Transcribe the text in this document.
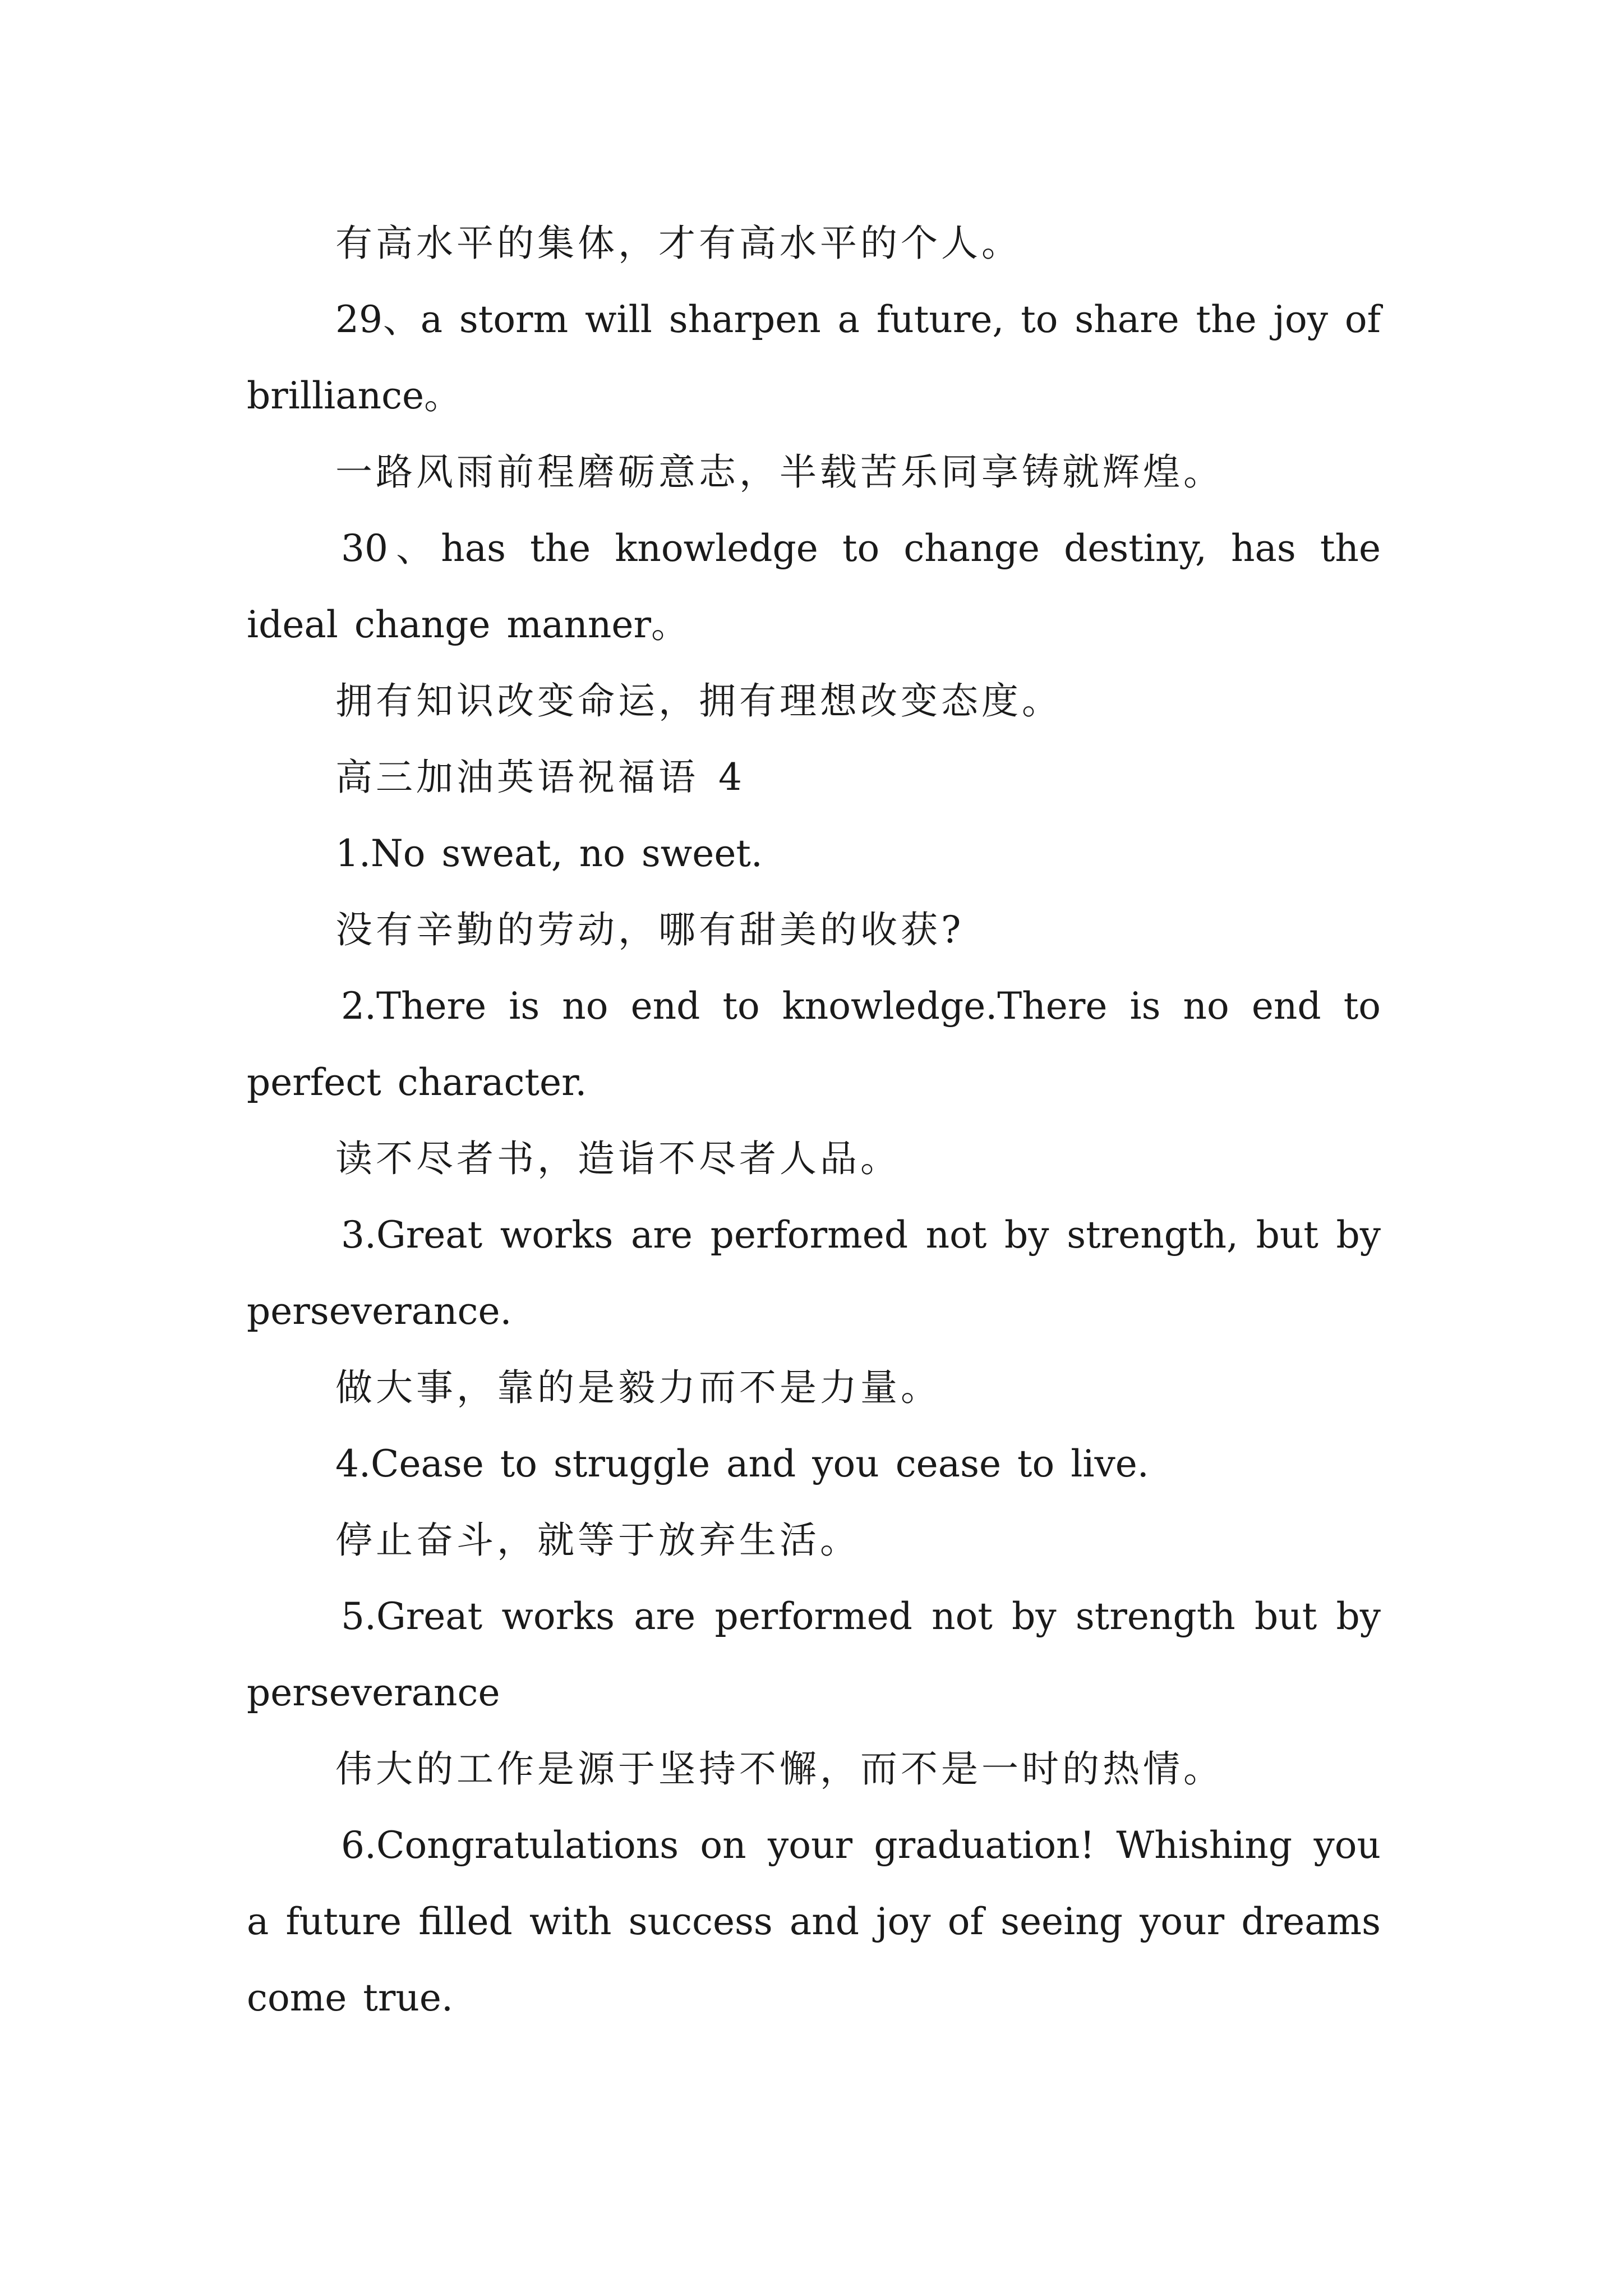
有高水平的集体，才有高水平的个人。

29、a storm will sharpen a future, to share the joy of brilliance。

一路风雨前程磨砺意志，半载苦乐同享铸就辉煌。

30、has the knowledge to change destiny, has the ideal change manner。

拥有知识改变命运，拥有理想改变态度。

高三加油英语祝福语 4

1.No sweat, no sweet.

没有辛勤的劳动，哪有甜美的收获?

2.There is no end to knowledge.There is no end to perfect character.

读不尽者书，造诣不尽者人品。

3.Great works are performed not by strength, but by perseverance.

做大事，靠的是毅力而不是力量。

4.Cease to struggle and you cease to live.

停止奋斗，就等于放弃生活。

5.Great works are performed not by strength but by perseverance

伟大的工作是源于坚持不懈，而不是一时的热情。

6.Congratulations on your graduation! Whishing you a future filled with success and joy of seeing your dreams come true.
